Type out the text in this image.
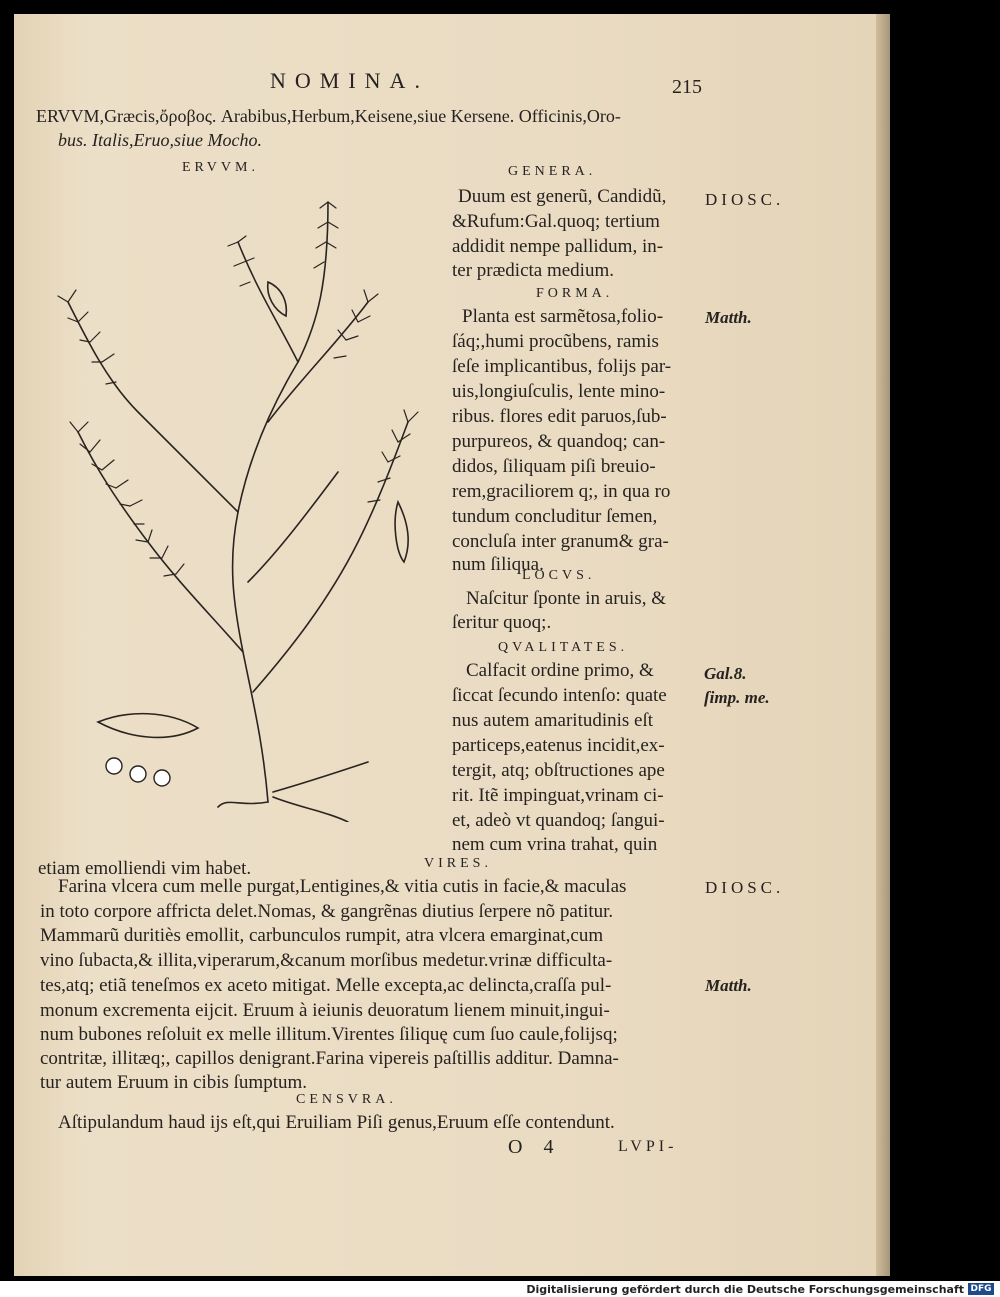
NOMINA.	215
ERVVM,Græcis,ὄροβος. Arabibus,Herbum,Keisene,siue Kersene. Officinis,Oro-
bus. Italis,Eruo,siue Mocho.
ERVVM.	GENERA.
Duum est generũ, Candidũ,
&Rufum:Gal.quoq; tertium
addidit nempe pallidum, in-
ter prædicta medium.
DIOSC.
FORMA.
Planta est sarmẽtosa,folio-
ſáq;,humi procũbens, ramis
ſeſe implicantibus, folijs par-
uis,longiuſculis, lente mino-
ribus. flores edit paruos,ſub-
purpureos, & quandoq; can-
didos, ſiliquam piſi breuio-
rem,graciliorem q;, in qua ro
tundum concluditur ſemen,
concluſa inter granum& gra-
num ſiliqua.
Matth.
LOCVS.
Naſcitur ſponte in aruis, &
ſeritur quoq;.
QVALITATES.
Calfacit ordine primo, &
ſiccat ſecundo intenſo: quate
nus autem amaritudinis eſt
particeps,eatenus incidit,ex-
tergit, atq; obſtructiones ape
rit. Itẽ impinguat,vrinam ci-
et, adeò vt quandoq; ſangui-
nem cum vrina trahat, quin
Gal.8.
ſimp. me.
etiam emolliendi vim habet.	VIRES.
Farina vlcera cum melle purgat,Lentigines,& vitia cutis in facie,& maculas
in toto corpore affricta delet.Nomas, & gangrẽnas diutius ſerpere nõ patitur.
Mammarũ duritiès emollit, carbunculos rumpit, atra vlcera emarginat,cum
vino ſubacta,& illita,viperarum,&canum morſibus medetur.vrinæ difficulta-
tes,atq; etiã teneſmos ex aceto mitigat. Melle excepta,ac delincta,craſſa pul-
monum excrementa eijcit. Eruum à ieiunis deuoratum lienem minuit,ingui-
num bubones reſoluit ex melle illitum.Virentes ſiliquę cum ſuo caule,folijsq;
contritæ, illitæq;, capillos denigrant.Farina vipereis paſtillis additur. Damna-
tur autem Eruum in cibis ſumptum.
DIOSC.
Matth.
CENSVRA.
Aſtipulandum haud ijs eſt,qui Eruiliam Piſi genus,Eruum eſſe contendunt.
O 4	LVPI-
Digitalisierung gefördert durch die Deutsche Forschungsgemeinschaft DFG
